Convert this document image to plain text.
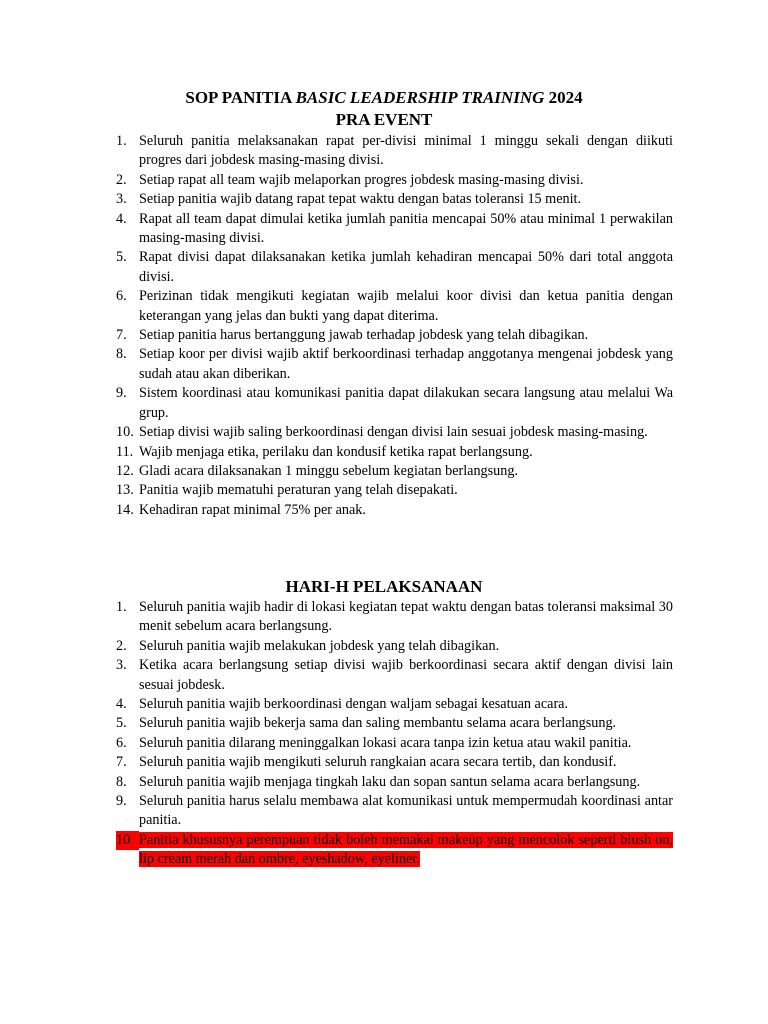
SOP PANITIA BASIC LEADERSHIP TRAINING 2024
PRA EVENT
1. Seluruh panitia melaksanakan rapat per-divisi minimal 1 minggu sekali dengan diikuti progres dari jobdesk masing-masing divisi.
2. Setiap rapat all team wajib melaporkan progres jobdesk masing-masing divisi.
3. Setiap panitia wajib datang rapat tepat waktu dengan batas toleransi 15 menit.
4. Rapat all team dapat dimulai ketika jumlah panitia mencapai 50% atau minimal 1 perwakilan masing-masing divisi.
5. Rapat divisi dapat dilaksanakan ketika jumlah kehadiran mencapai 50% dari total anggota divisi.
6. Perizinan tidak mengikuti kegiatan wajib melalui koor divisi dan ketua panitia dengan keterangan yang jelas dan bukti yang dapat diterima.
7. Setiap panitia harus bertanggung jawab terhadap jobdesk yang telah dibagikan.
8. Setiap koor per divisi wajib aktif berkoordinasi terhadap anggotanya mengenai jobdesk yang sudah atau akan diberikan.
9. Sistem koordinasi atau komunikasi panitia dapat dilakukan secara langsung atau melalui Wa grup.
10. Setiap divisi wajib saling berkoordinasi dengan divisi lain sesuai jobdesk masing-masing.
11. Wajib menjaga etika, perilaku dan kondusif ketika rapat berlangsung.
12. Gladi acara dilaksanakan 1 minggu sebelum kegiatan berlangsung.
13. Panitia wajib mematuhi peraturan yang telah disepakati.
14. Kehadiran rapat minimal 75% per anak.
HARI-H PELAKSANAAN
1. Seluruh panitia wajib hadir di lokasi kegiatan tepat waktu dengan batas toleransi maksimal 30 menit sebelum acara berlangsung.
2. Seluruh panitia wajib melakukan jobdesk yang telah dibagikan.
3. Ketika acara berlangsung setiap divisi wajib berkoordinasi secara aktif dengan divisi lain sesuai jobdesk.
4. Seluruh panitia wajib berkoordinasi dengan waljam sebagai kesatuan acara.
5. Seluruh panitia wajib bekerja sama dan saling membantu selama acara berlangsung.
6. Seluruh panitia dilarang meninggalkan lokasi acara tanpa izin ketua atau wakil panitia.
7. Seluruh panitia wajib mengikuti seluruh rangkaian acara secara tertib, dan kondusif.
8. Seluruh panitia wajib menjaga tingkah laku dan sopan santun selama acara berlangsung.
9. Seluruh panitia harus selalu membawa alat komunikasi untuk mempermudah koordinasi antar panitia.
10. Panitia khususnya perempuan tidak boleh memakai makeup yang mencolok seperti blush on, lip cream merah dan ombre, eyeshadow, eyeliner.
